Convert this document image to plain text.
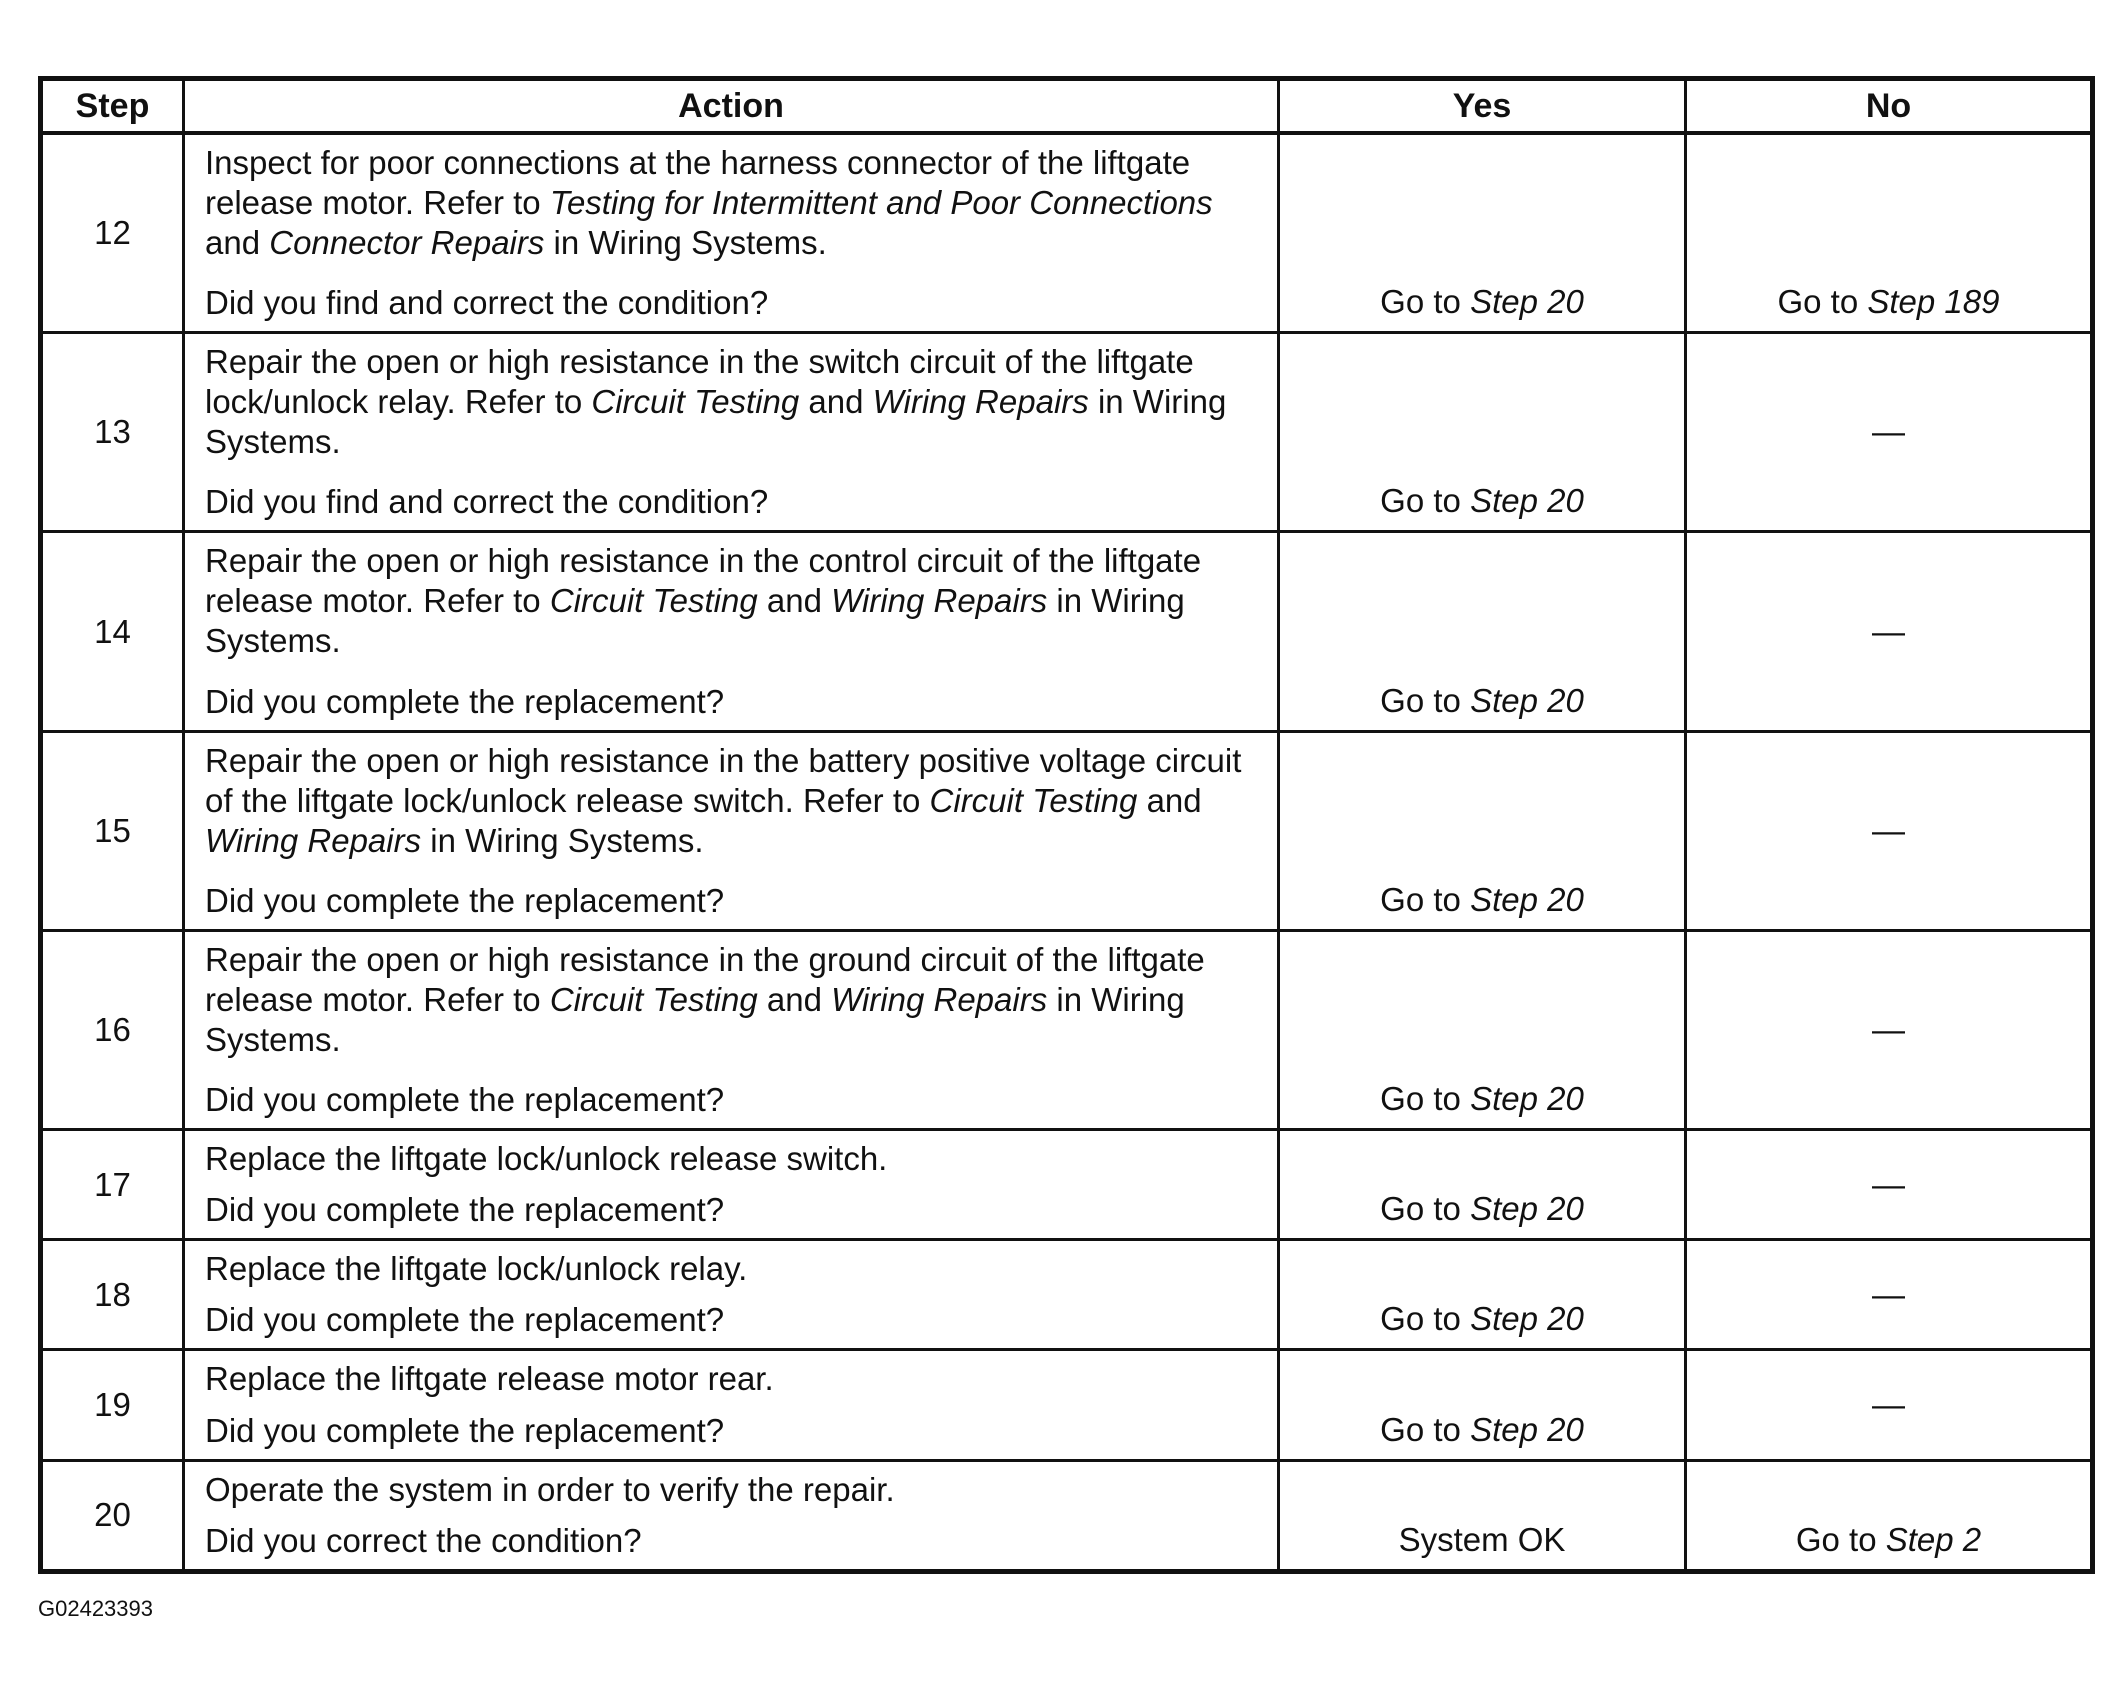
Step	Action	Yes	No
12	Inspect for poor connections at the harness connector of the liftgate release motor. Refer to Testing for Intermittent and Poor Connections and Connector Repairs in Wiring Systems.
Did you find and correct the condition?	Go to Step 20	Go to Step 189
13	Repair the open or high resistance in the switch circuit of the liftgate lock/unlock relay. Refer to Circuit Testing and Wiring Repairs in Wiring Systems.
Did you find and correct the condition?	Go to Step 20	—
14	Repair the open or high resistance in the control circuit of the liftgate release motor. Refer to Circuit Testing and Wiring Repairs in Wiring Systems.
Did you complete the replacement?	Go to Step 20	—
15	Repair the open or high resistance in the battery positive voltage circuit of the liftgate lock/unlock release switch. Refer to Circuit Testing and Wiring Repairs in Wiring Systems.
Did you complete the replacement?	Go to Step 20	—
16	Repair the open or high resistance in the ground circuit of the liftgate release motor. Refer to Circuit Testing and Wiring Repairs in Wiring Systems.
Did you complete the replacement?	Go to Step 20	—
17	Replace the liftgate lock/unlock release switch.
Did you complete the replacement?	Go to Step 20	—
18	Replace the liftgate lock/unlock relay.
Did you complete the replacement?	Go to Step 20	—
19	Replace the liftgate release motor rear.
Did you complete the replacement?	Go to Step 20	—
20	Operate the system in order to verify the repair.
Did you correct the condition?	System OK	Go to Step 2
G02423393
